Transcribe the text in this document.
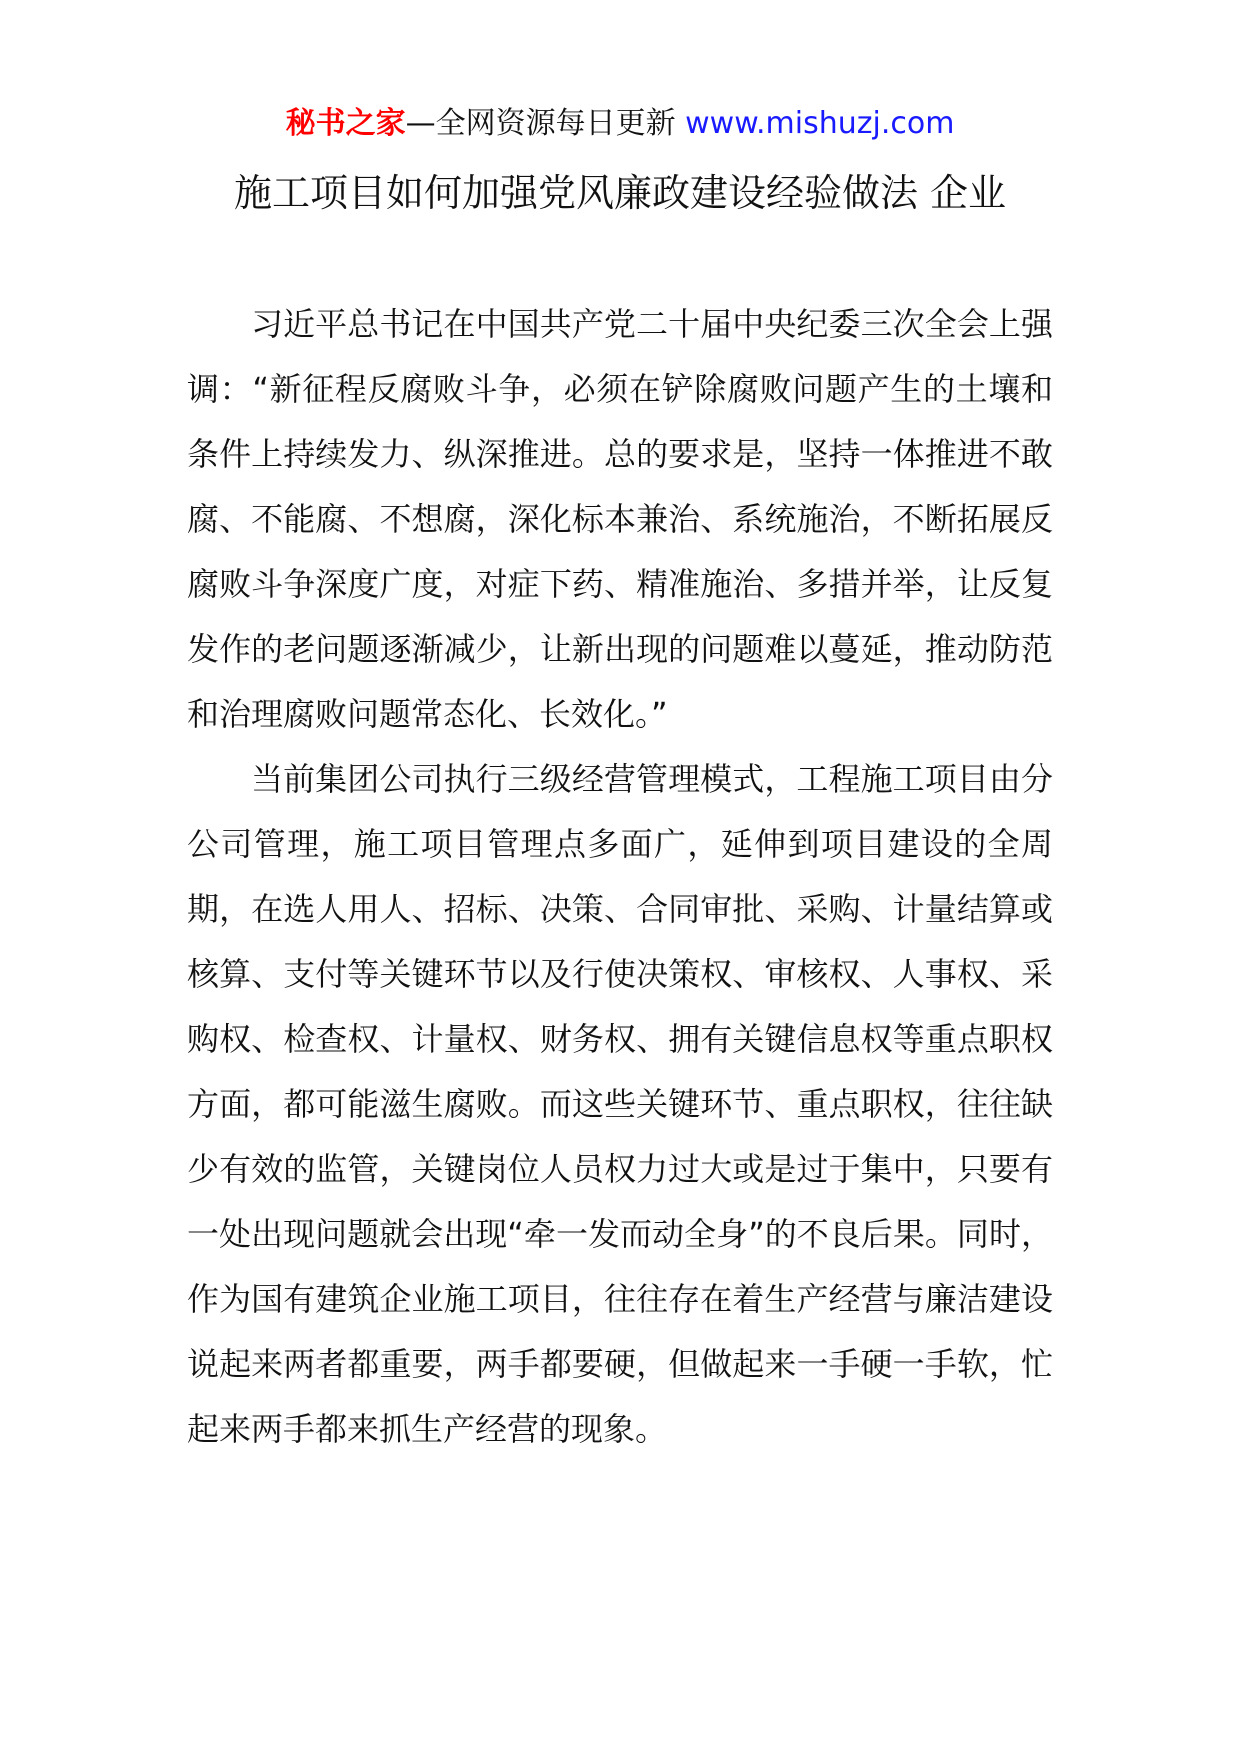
秘书之家—全网资源每日更新 www.mishuzj.com
施工项目如何加强党风廉政建设经验做法 企业

习近平总书记在中国共产党二十届中央纪委三次全会上强调：“新征程反腐败斗争，必须在铲除腐败问题产生的土壤和条件上持续发力、纵深推进。总的要求是，坚持一体推进不敢腐、不能腐、不想腐，深化标本兼治、系统施治，不断拓展反腐败斗争深度广度，对症下药、精准施治、多措并举，让反复发作的老问题逐渐减少，让新出现的问题难以蔓延，推动防范和治理腐败问题常态化、长效化。”

当前集团公司执行三级经营管理模式，工程施工项目由分公司管理，施工项目管理点多面广，延伸到项目建设的全周期，在选人用人、招标、决策、合同审批、采购、计量结算或核算、支付等关键环节以及行使决策权、审核权、人事权、采购权、检查权、计量权、财务权、拥有关键信息权等重点职权方面，都可能滋生腐败。而这些关键环节、重点职权，往往缺少有效的监管，关键岗位人员权力过大或是过于集中，只要有一处出现问题就会出现“牵一发而动全身”的不良后果。同时，作为国有建筑企业施工项目，往往存在着生产经营与廉洁建设说起来两者都重要，两手都要硬，但做起来一手硬一手软，忙起来两手都来抓生产经营的现象。
